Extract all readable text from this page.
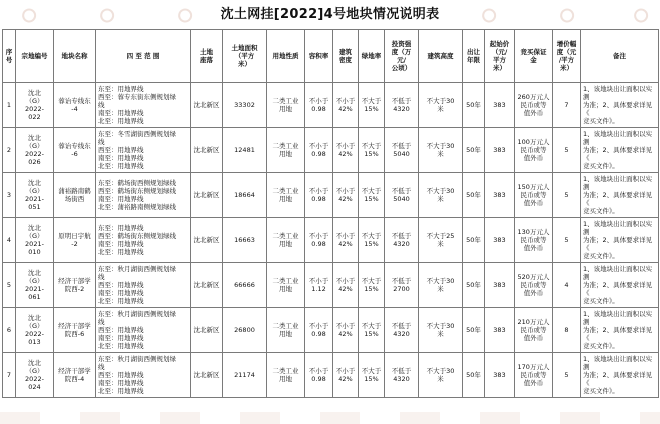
沈土网挂[2022]4号地块情况说明表
序号	宗地编号	地块名称	四 至 范 围	土地
座落	土地面积
（平方
米）	用地性质	容积率	建筑
密度	绿地率	投资强
度（万
元/
公顷）	建筑高度	出让
年限	起始价
（元/
平方
米）	竞买保证
金	增价幅
度（元
/平方
米）	备注
1	沈北
（G）2022-
022	蓉诒专线东
-4	东至：用地界线
西至：蓉专东街东侧规划绿
线
南至：用地界线
北至：用地界线	沈北新区	33302	二类工业
用地	不小于
0.98	不小于
42%	不大于
15%	不低于
4320	不大于30
米	50年	383	260万元人
民币或等
值外币	7	1、该地块出让面积以实测
为准；2、具体要求详见《
竞买文件》。
2	沈北
（G）2022-
026	蓉诒专线东
-6	东至：冬雪湖街西侧规划绿
线
西至：用地界线
南至：用地界线
北至：用地界线	沈北新区	12481	二类工业
用地	不小于
0.98	不小于
42%	不大于
15%	不低于
5040	不大于30
米	50年	383	100万元人
民币或等
值外币	5	1、该地块出让面积以实测
为准；2、具体要求详见《
竞买文件》。
3	沈北
（G）2021-
051	蒲裕路南鹤
场街西	东至：鹤场街西侧规划绿线
西至：鹤场街东侧规划绿线
南至：用地界线
北至：蒲裕路南侧规划绿线	沈北新区	18664	二类工业
用地	不小于
0.98	不小于
42%	不大于
15%	不低于
5040	不大于30
米	50年	383	150万元人
民币或等
值外币	5	1、该地块出让面积以实测
为准；2、具体要求详见《
竞买文件》。
4	沈北
（G）2021-
010	原明日宇航
-2	东至：用地界线
西至：鹤场街东侧规划绿线
南至：用地界线
北至：用地界线	沈北新区	16663	二类工业
用地	不小于
0.98	不小于
42%	不大于
15%	不低于
4320	不大于25
米	50年	383	130万元人
民币或等
值外币	5	1、该地块出让面积以实测
为准；2、具体要求详见《
竞买文件》。
5	沈北
（G）2021-
061	经济干部学
院西-2	东至：秋月湖街西侧规划绿
线
西至：用地界线
南至：用地界线
北至：用地界线	沈北新区	66666	二类工业
用地	不小于
1.12	不小于
42%	不大于
15%	不低于
2700	不大于30
米	50年	383	520万元人
民币或等
值外币	4	1、该地块出让面积以实测
为准；2、具体要求详见《
竞买文件》。
6	沈北
（G）2022-
013	经济干部学
院西-6	东至：秋月湖街西侧规划绿
线
西至：用地界线
南至：用地界线
北至：用地界线	沈北新区	26800	二类工业
用地	不小于
0.98	不小于
42%	不大于
15%	不低于
4320	不大于30
米	50年	383	210万元人
民币或等
值外币	8	1、该地块出让面积以实测
为准；2、具体要求详见《
竞买文件》。
7	沈北
（G）2022-
024	经济干部学
院西-4	东至：秋月湖街西侧规划绿
线
西至：用地界线
南至：用地界线
北至：用地界线	沈北新区	21174	二类工业
用地	不小于
0.98	不小于
42%	不大于
15%	不低于
4320	不大于30
米	50年	383	170万元人
民币或等
值外币	5	1、该地块出让面积以实测
为准；2、具体要求详见《
竞买文件》。
